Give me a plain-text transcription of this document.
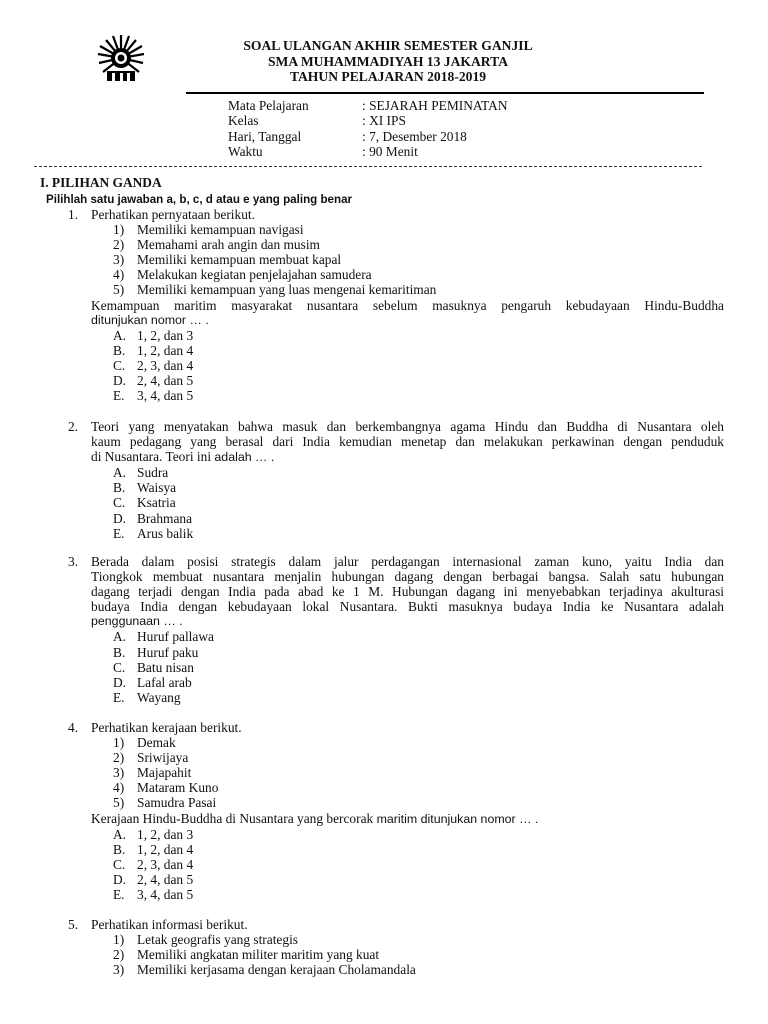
SOAL ULANGAN AKHIR SEMESTER GANJIL
SMA MUHAMMADIYAH 13 JAKARTA
TAHUN PELAJARAN 2018-2019
Mata Pelajaran	: SEJARAH PEMINATAN
Kelas	: XI IPS
Hari, Tanggal	: 7, Desember 2018
Waktu	: 90 Menit
I. PILIHAN GANDA
Pilihlah satu jawaban a, b, c, d atau e yang paling benar
1. Perhatikan pernyataan berikut.
1) Memiliki kemampuan navigasi
2) Memahami arah angin dan musim
3) Memiliki kemampuan membuat kapal
4) Melakukan kegiatan penjelajahan samudera
5) Memiliki kemampuan yang luas mengenai kemaritiman
Kemampuan maritim masyarakat nusantara sebelum masuknya pengaruh kebudayaan Hindu-Buddha
ditunjukan nomor … .
A. 1, 2, dan 3
B. 1, 2, dan 4
C. 2, 3, dan 4
D. 2, 4, dan 5
E. 3, 4, dan 5
2. Teori yang menyatakan bahwa masuk dan berkembangnya agama Hindu dan Buddha di Nusantara oleh
kaum pedagang yang berasal dari India kemudian menetap dan melakukan perkawinan dengan penduduk
di Nusantara. Teori ini adalah … .
A. Sudra
B. Waisya
C. Ksatria
D. Brahmana
E. Arus balik
3. Berada dalam posisi strategis dalam jalur perdagangan internasional zaman kuno, yaitu India dan
Tiongkok membuat nusantara menjalin hubungan dagang dengan berbagai bangsa. Salah satu hubungan
dagang terjadi dengan India pada abad ke 1 M. Hubungan dagang ini menyebabkan terjadinya akulturasi
budaya India dengan kebudayaan lokal Nusantara. Bukti masuknya budaya India ke Nusantara adalah
penggunaan … .
A. Huruf pallawa
B. Huruf paku
C. Batu nisan
D. Lafal arab
E. Wayang
4. Perhatikan kerajaan berikut.
1) Demak
2) Sriwijaya
3) Majapahit
4) Mataram Kuno
5) Samudra Pasai
Kerajaan Hindu-Buddha di Nusantara yang bercorak maritim ditunjukan nomor … .
A. 1, 2, dan 3
B. 1, 2, dan 4
C. 2, 3, dan 4
D. 2, 4, dan 5
E. 3, 4, dan 5
5. Perhatikan informasi berikut.
1) Letak geografis yang strategis
2) Memiliki angkatan militer maritim yang kuat
3) Memiliki kerjasama dengan kerajaan Cholamandala
